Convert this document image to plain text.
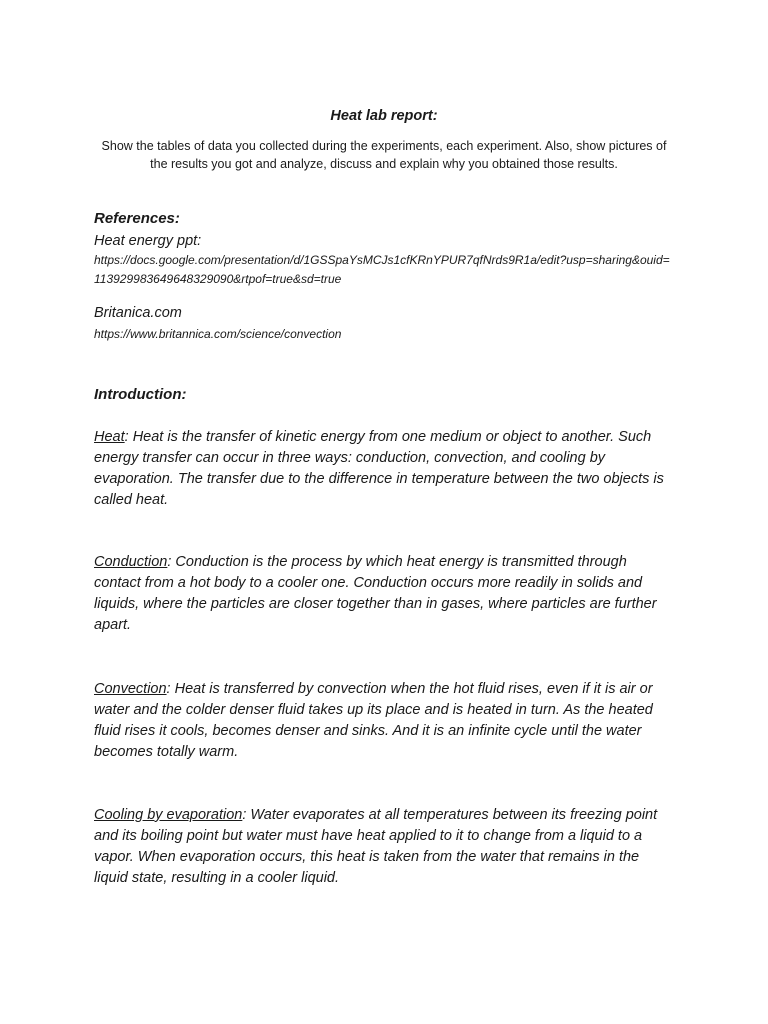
Heat lab report:
Show the tables of data you collected during the experiments, each experiment. Also, show pictures of the results you got and analyze, discuss and explain why you obtained those results.
References:
Heat energy ppt:
https://docs.google.com/presentation/d/1GSSpaYsMCJs1cfKRnYPUR7qfNrds9R1a/edit?usp=sharing&ouid=113929983649648329090&rtpof=true&sd=true
Britanica.com
https://www.britannica.com/science/convection
Introduction:
Heat: Heat is the transfer of kinetic energy from one medium or object to another. Such energy transfer can occur in three ways: conduction, convection, and cooling by evaporation. The transfer due to the difference in temperature between the two objects is called heat.
Conduction: Conduction is the process by which heat energy is transmitted through contact from a hot body to a cooler one. Conduction occurs more readily in solids and liquids, where the particles are closer together than in gases, where particles are further apart.
Convection: Heat is transferred by convection when the hot fluid rises, even if it is air or water and the colder denser fluid takes up its place and is heated in turn. As the heated fluid rises it cools, becomes denser and sinks. And it is an infinite cycle until the water becomes totally warm.
Cooling by evaporation: Water evaporates at all temperatures between its freezing point and its boiling point but water must have heat applied to it to change from a liquid to a vapor. When evaporation occurs, this heat is taken from the water that remains in the liquid state, resulting in a cooler liquid.
